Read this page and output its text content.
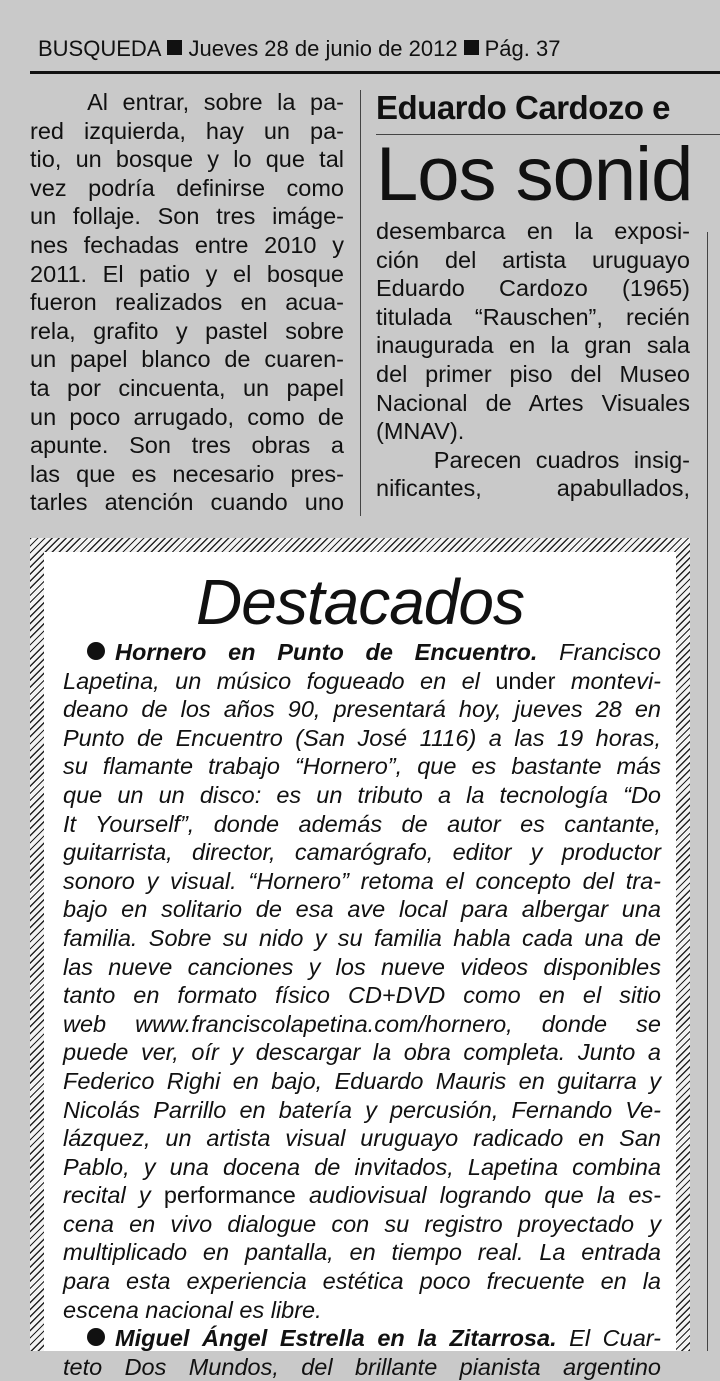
BUSQUEDA Jueves 28 de junio de 2012 Pág. 37
Al entrar, sobre la pa-
red izquierda, hay un pa-
tio, un bosque y lo que tal
vez podría definirse como
un follaje. Son tres imáge-
nes fechadas entre 2010 y
2011. El patio y el bosque
fueron realizados en acua-
rela, grafito y pastel sobre
un papel blanco de cuaren-
ta por cincuenta, un papel
un poco arrugado, como de
apunte. Son tres obras a
las que es necesario pres-
tarles atención cuando uno
Eduardo Cardozo e
Los sonid
desembarca en la exposi-
ción del artista uruguayo
Eduardo Cardozo (1965)
titulada “Rauschen”, recién
inaugurada en la gran sala
del primer piso del Museo
Nacional de Artes Visuales
(MNAV).
Parecen cuadros insig-
nificantes, apabullados,
Destacados
Hornero en Punto de Encuentro. Francisco
Lapetina, un músico fogueado en el under montevi-
deano de los años 90, presentará hoy, jueves 28 en
Punto de Encuentro (San José 1116) a las 19 horas,
su flamante trabajo “Hornero”, que es bastante más
que un un disco: es un tributo a la tecnología “Do
It Yourself”, donde además de autor es cantante,
guitarrista, director, camarógrafo, editor y productor
sonoro y visual. “Hornero” retoma el concepto del tra-
bajo en solitario de esa ave local para albergar una
familia. Sobre su nido y su familia habla cada una de
las nueve canciones y los nueve videos disponibles
tanto en formato físico CD+DVD como en el sitio
web www.franciscolapetina.com/hornero, donde se
puede ver, oír y descargar la obra completa. Junto a
Federico Righi en bajo, Eduardo Mauris en guitarra y
Nicolás Parrillo en batería y percusión, Fernando Ve-
lázquez, un artista visual uruguayo radicado en San
Pablo, y una docena de invitados, Lapetina combina
recital y performance audiovisual logrando que la es-
cena en vivo dialogue con su registro proyectado y
multiplicado en pantalla, en tiempo real. La entrada
para esta experiencia estética poco frecuente en la
escena nacional es libre.
Miguel Ángel Estrella en la Zitarrosa. El Cuar-
teto Dos Mundos, del brillante pianista argentino
